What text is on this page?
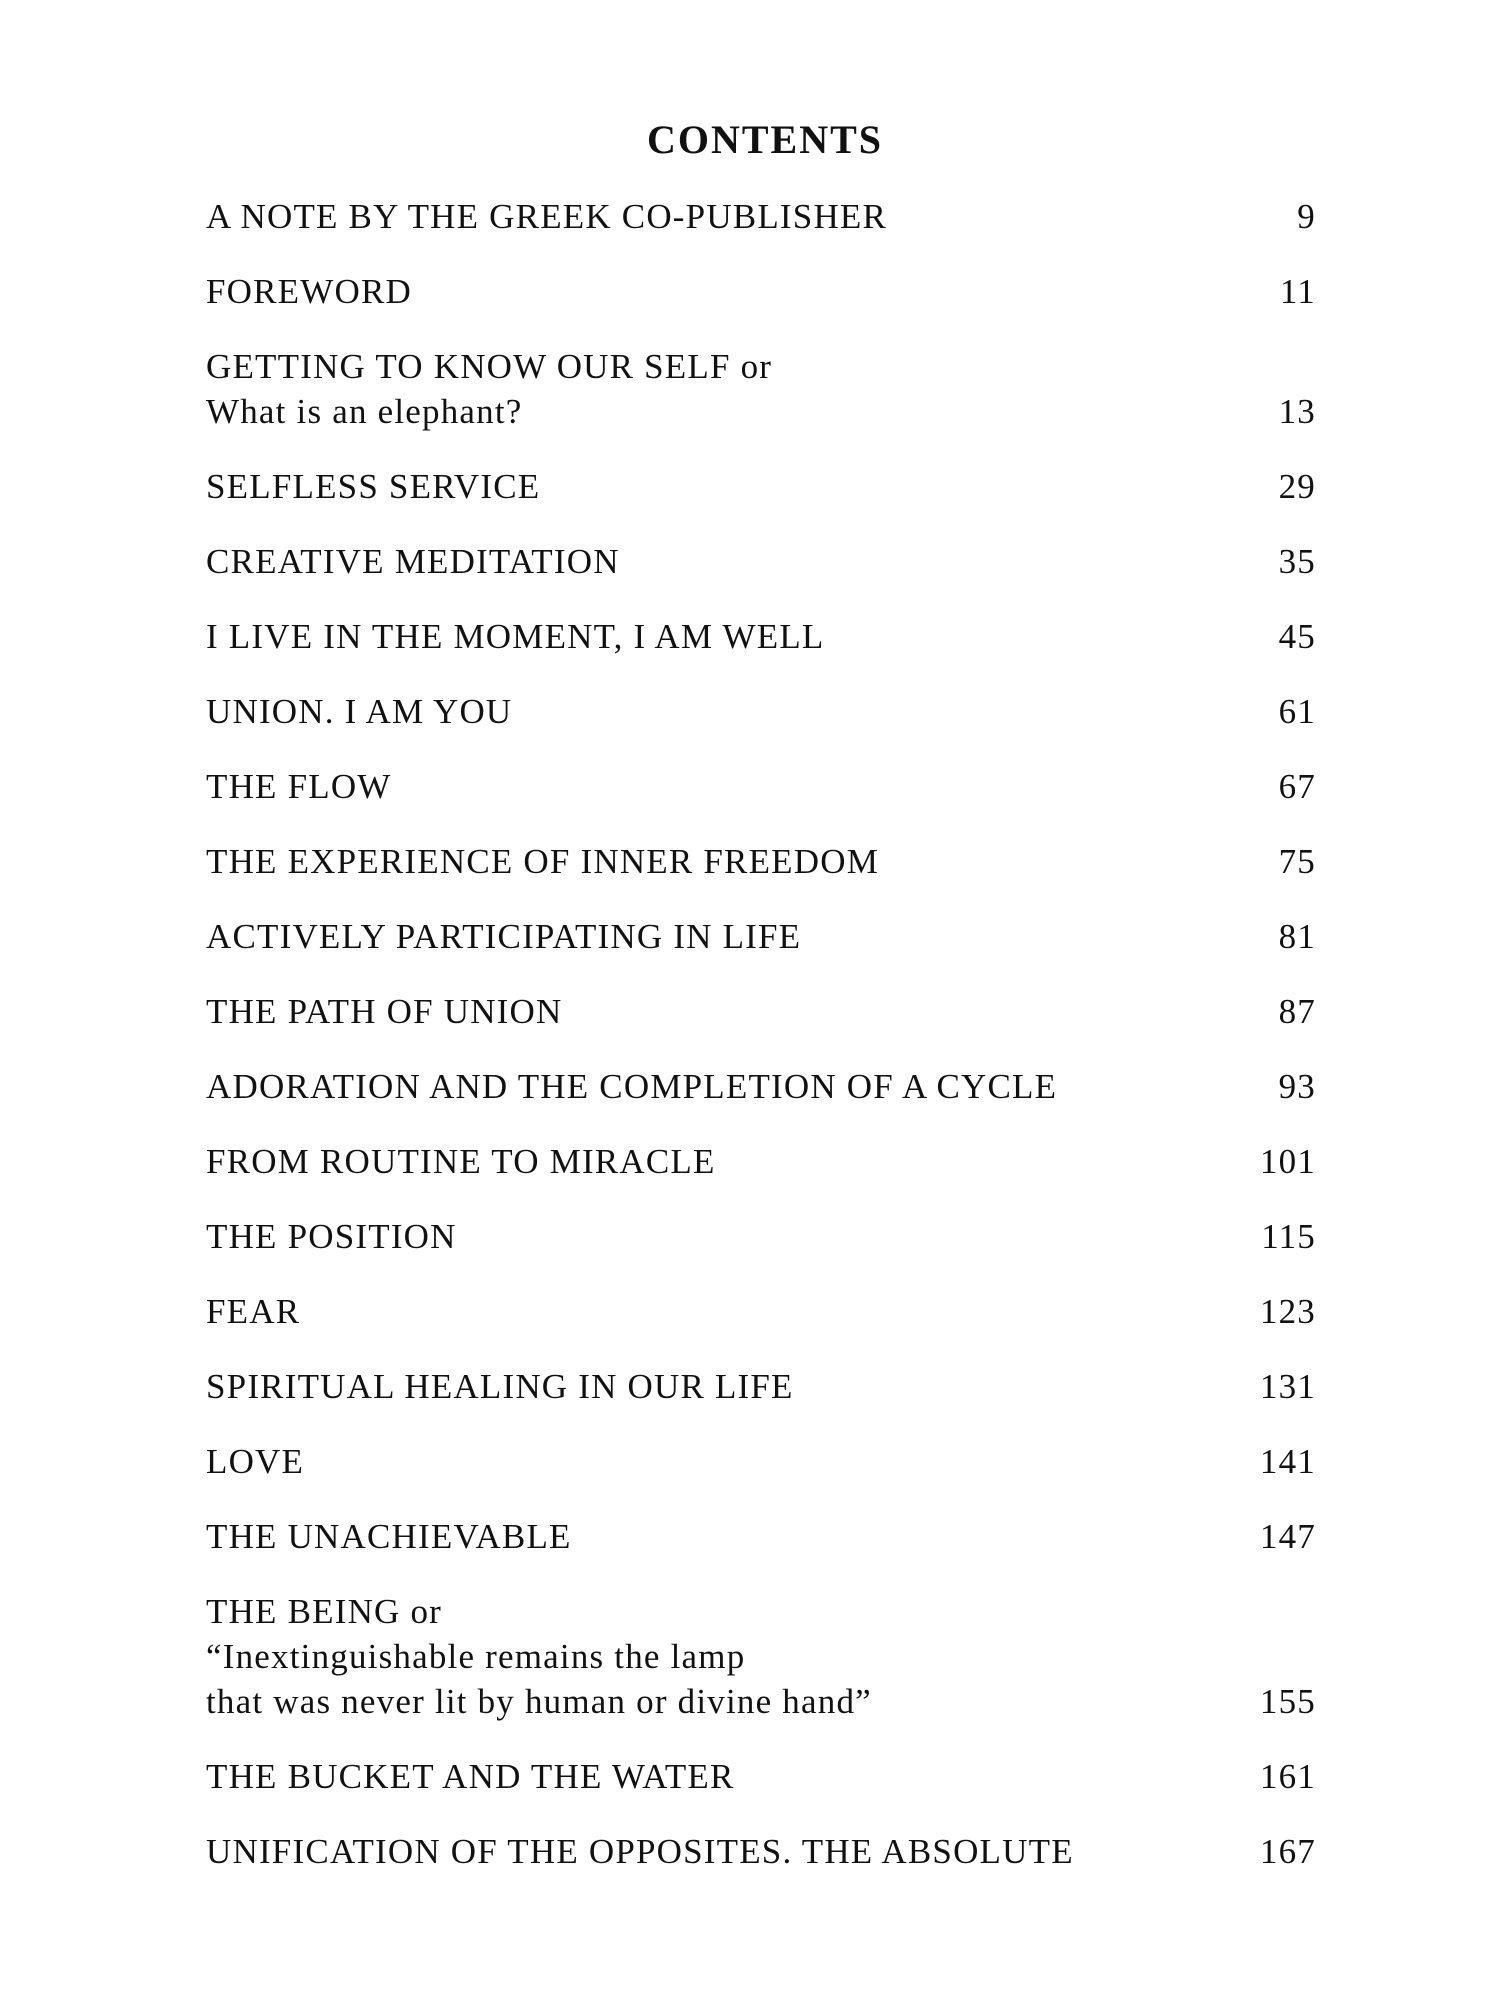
CONTENTS
A NOTE BY THE GREEK CO-PUBLISHER	9
FOREWORD	11
GETTING TO KNOW OUR SELF or
What is an elephant?	13
SELFLESS SERVICE	29
CREATIVE MEDITATION	35
I LIVE IN THE MOMENT, I AM WELL	45
UNION. I AM YOU	61
THE FLOW	67
THE EXPERIENCE OF INNER FREEDOM	75
ACTIVELY PARTICIPATING IN LIFE	81
THE PATH OF UNION	87
ADORATION AND THE COMPLETION OF A CYCLE	93
FROM ROUTINE TO MIRACLE	101
THE POSITION	115
FEAR	123
SPIRITUAL HEALING IN OUR LIFE	131
LOVE	141
THE UNACHIEVABLE	147
THE BEING or
“Inextinguishable remains the lamp
that was never lit by human or divine hand”	155
THE BUCKET AND THE WATER	161
UNIFICATION OF THE OPPOSITES. THE ABSOLUTE	167
